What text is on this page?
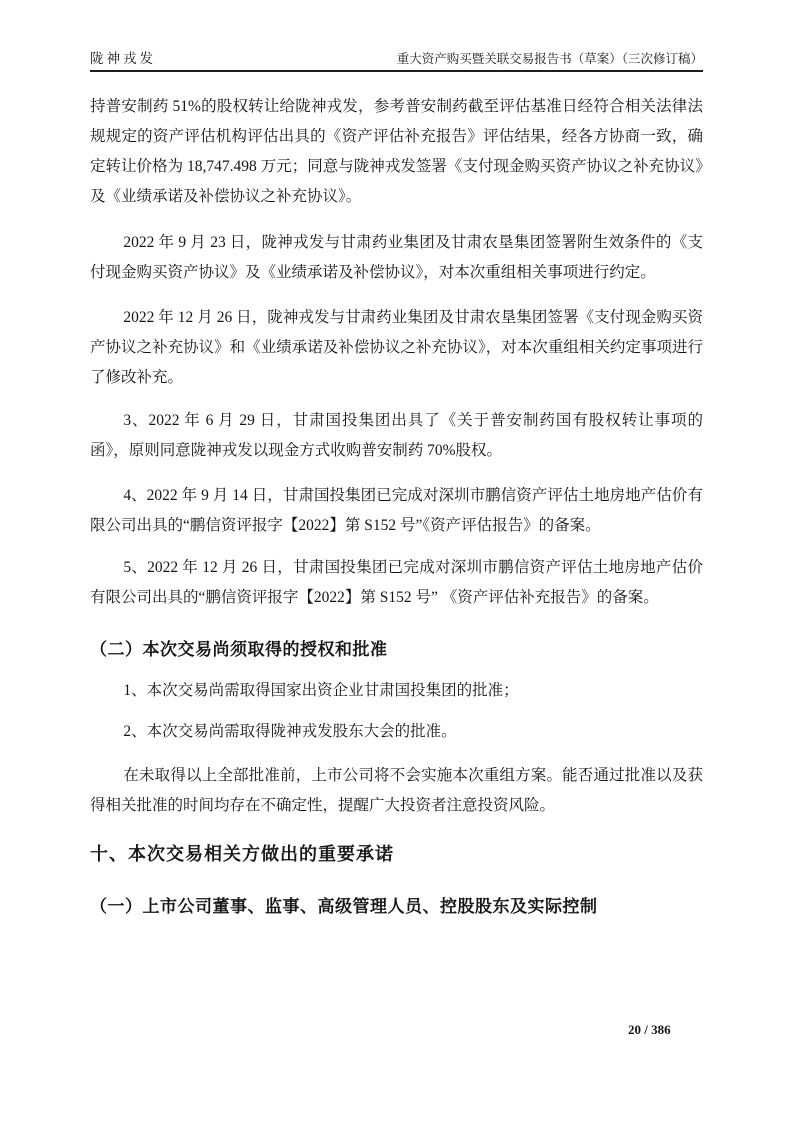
陇神戎发	重大资产购买暨关联交易报告书（草案）（三次修订稿）

持普安制药 51%的股权转让给陇神戎发，参考普安制药截至评估基准日经符合相关法律法规规定的资产评估机构评估出具的《资产评估补充报告》评估结果，经各方协商一致，确定转让价格为 18,747.498 万元；同意与陇神戎发签署《支付现金购买资产协议之补充协议》及《业绩承诺及补偿协议之补充协议》。

2022 年 9 月 23 日，陇神戎发与甘肃药业集团及甘肃农垦集团签署附生效条件的《支付现金购买资产协议》及《业绩承诺及补偿协议》，对本次重组相关事项进行约定。

2022 年 12 月 26 日，陇神戎发与甘肃药业集团及甘肃农垦集团签署《支付现金购买资产协议之补充协议》和《业绩承诺及补偿协议之补充协议》，对本次重组相关约定事项进行了修改补充。

3、2022 年 6 月 29 日，甘肃国投集团出具了《关于普安制药国有股权转让事项的函》，原则同意陇神戎发以现金方式收购普安制药 70%股权。

4、2022 年 9 月 14 日，甘肃国投集团已完成对深圳市鹏信资产评估土地房地产估价有限公司出具的“鹏信资评报字【2022】第 S152 号”《资产评估报告》的备案。

5、2022 年 12 月 26 日，甘肃国投集团已完成对深圳市鹏信资产评估土地房地产估价有限公司出具的“鹏信资评报字【2022】第 S152 号” 《资产评估补充报告》的备案。

（二）本次交易尚须取得的授权和批准

1、本次交易尚需取得国家出资企业甘肃国投集团的批准；

2、本次交易尚需取得陇神戎发股东大会的批准。

在未取得以上全部批准前，上市公司将不会实施本次重组方案。能否通过批准以及获得相关批准的时间均存在不确定性，提醒广大投资者注意投资风险。

十、本次交易相关方做出的重要承诺
（一）上市公司董事、监事、高级管理人员、控股股东及实际控制
20 / 386
